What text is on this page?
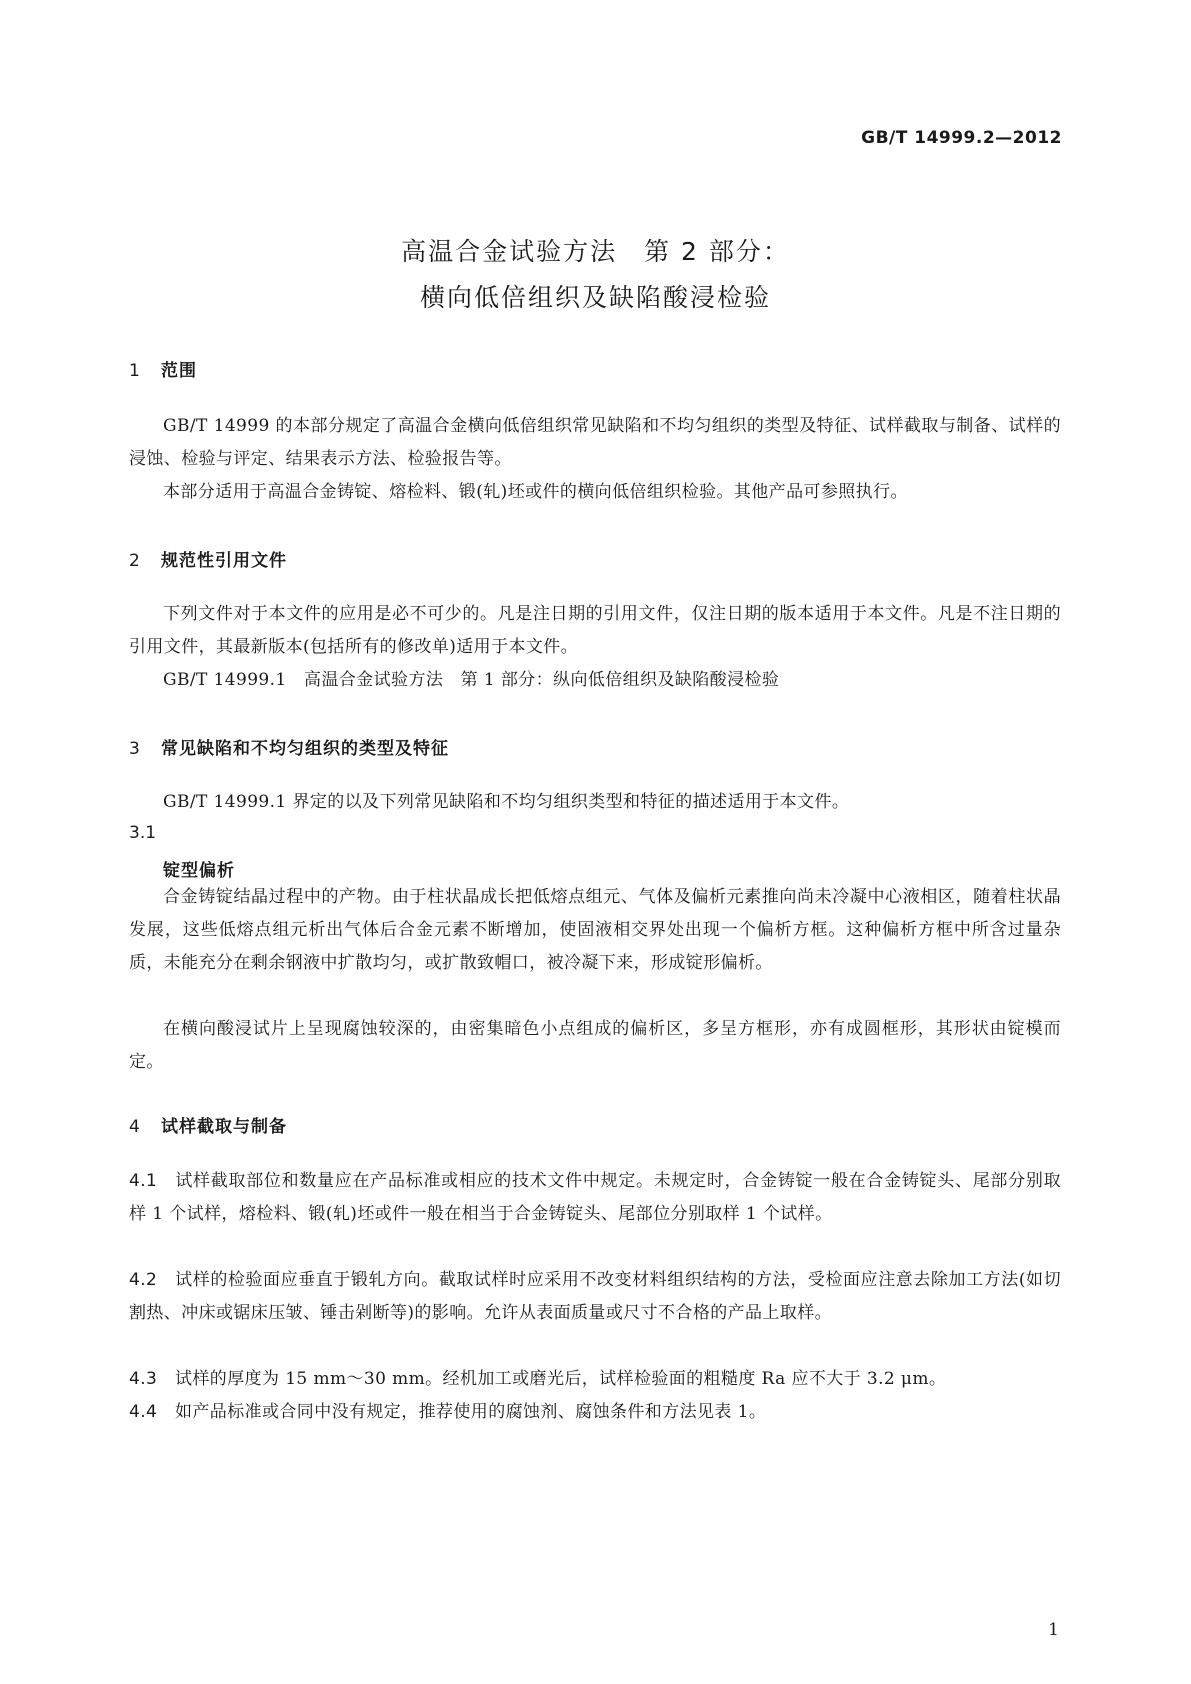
GB/T 14999.2—2012
高温合金试验方法　第 2 部分：
横向低倍组织及缺陷酸浸检验
1 范围
GB/T 14999 的本部分规定了高温合金横向低倍组织常见缺陷和不均匀组织的类型及特征、试样截取与制备、试样的浸蚀、检验与评定、结果表示方法、检验报告等。
本部分适用于高温合金铸锭、熔检料、锻(轧)坯或件的横向低倍组织检验。其他产品可参照执行。
2 规范性引用文件
下列文件对于本文件的应用是必不可少的。凡是注日期的引用文件，仅注日期的版本适用于本文件。凡是不注日期的引用文件，其最新版本(包括所有的修改单)适用于本文件。
GB/T 14999.1　高温合金试验方法　第 1 部分：纵向低倍组织及缺陷酸浸检验
3 常见缺陷和不均匀组织的类型及特征
GB/T 14999.1 界定的以及下列常见缺陷和不均匀组织类型和特征的描述适用于本文件。
3.1
锭型偏析
合金铸锭结晶过程中的产物。由于柱状晶成长把低熔点组元、气体及偏析元素推向尚未冷凝中心液相区，随着柱状晶发展，这些低熔点组元析出气体后合金元素不断增加，使固液相交界处出现一个偏析方框。这种偏析方框中所含过量杂质，未能充分在剩余钢液中扩散均匀，或扩散致帽口，被冷凝下来，形成锭形偏析。
在横向酸浸试片上呈现腐蚀较深的，由密集暗色小点组成的偏析区，多呈方框形，亦有成圆框形，其形状由锭模而定。
4 试样截取与制备
4.1 试样截取部位和数量应在产品标准或相应的技术文件中规定。未规定时，合金铸锭一般在合金铸锭头、尾部分别取样 1 个试样，熔检料、锻(轧)坯或件一般在相当于合金铸锭头、尾部位分别取样 1 个试样。
4.2 试样的检验面应垂直于锻轧方向。截取试样时应采用不改变材料组织结构的方法，受检面应注意去除加工方法(如切割热、冲床或锯床压皱、锤击剁断等)的影响。允许从表面质量或尺寸不合格的产品上取样。
4.3 试样的厚度为 15 mm～30 mm。经机加工或磨光后，试样检验面的粗糙度 Ra 应不大于 3.2 μm。
4.4 如产品标准或合同中没有规定，推荐使用的腐蚀剂、腐蚀条件和方法见表 1。
1
